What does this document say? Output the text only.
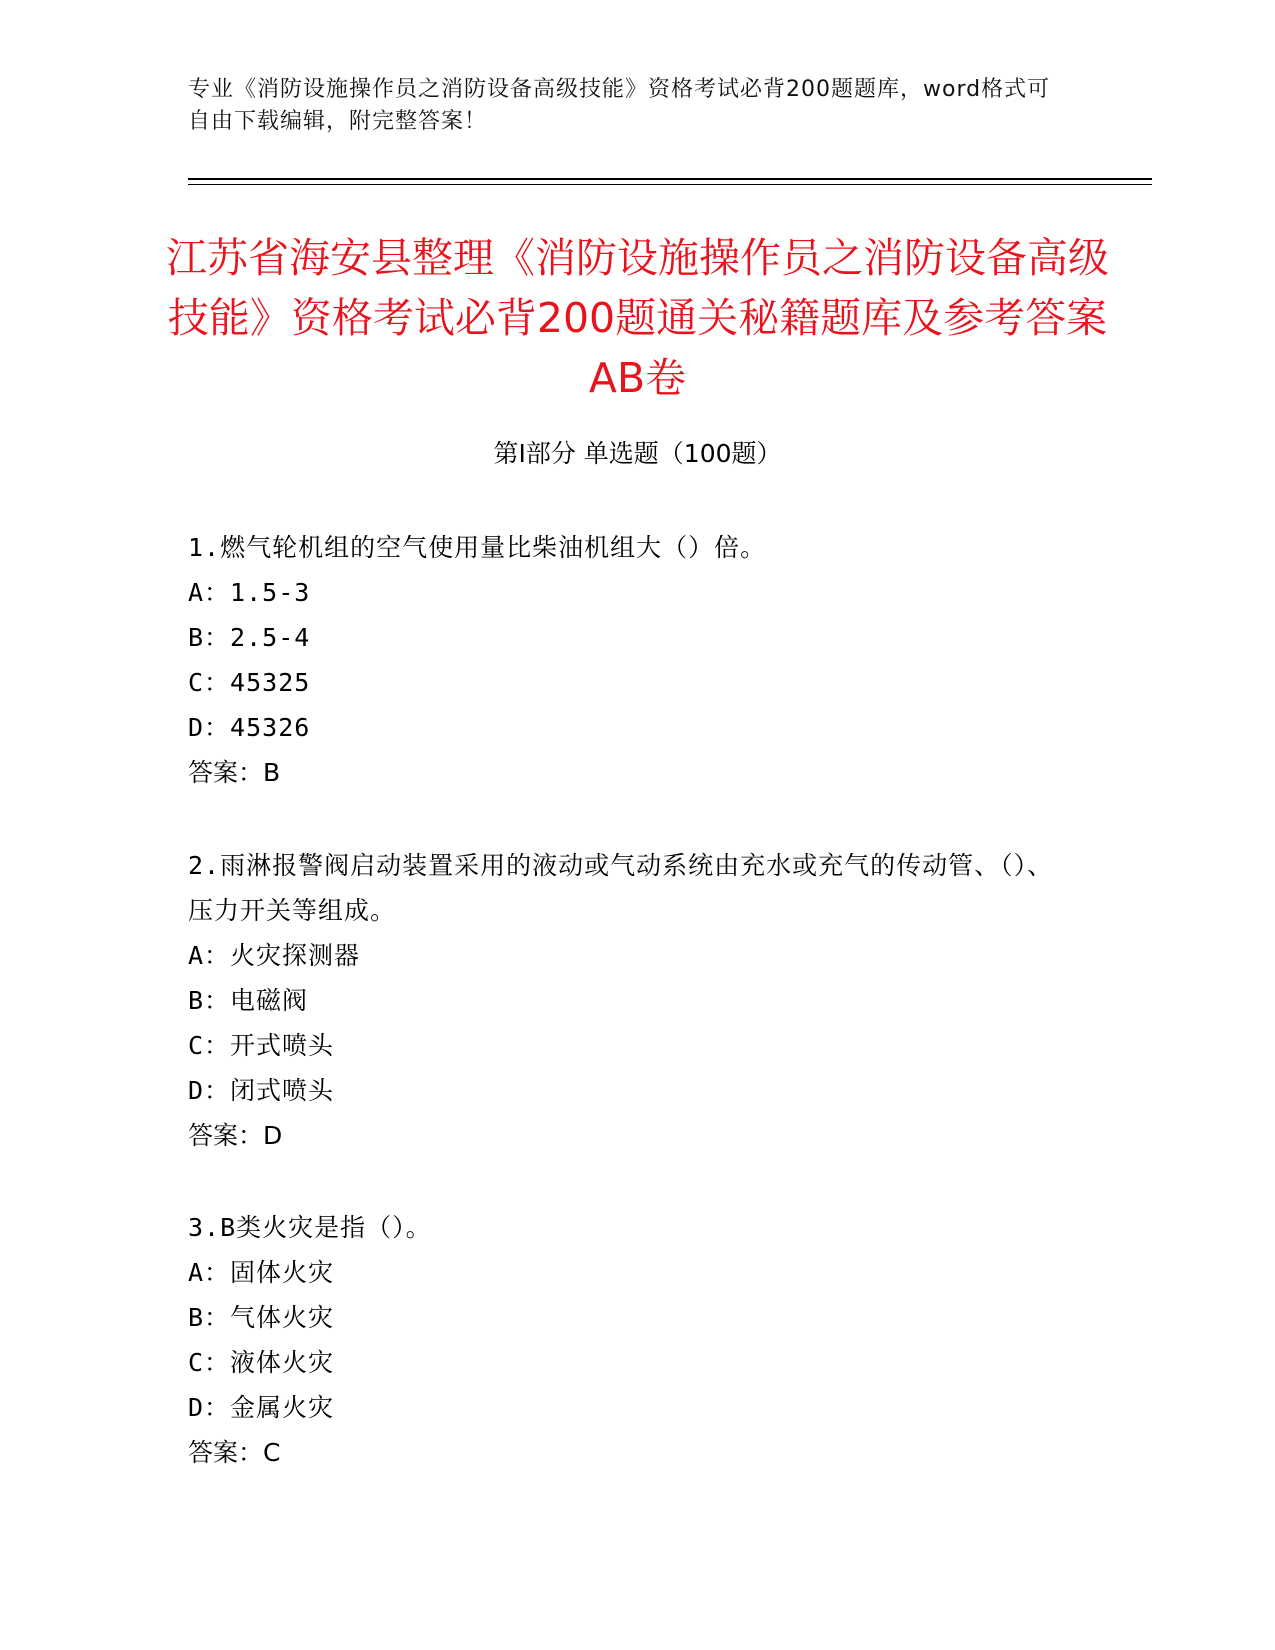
专业《消防设施操作员之消防设备高级技能》资格考试必背200题题库，word格式可自由下载编辑，附完整答案！
江苏省海安县整理《消防设施操作员之消防设备高级技能》资格考试必背200题通关秘籍题库及参考答案AB卷
第Ⅰ部分 单选题（100题）
1.燃气轮机组的空气使用量比柴油机组大（）倍。
A：1.5-3
B：2.5-4
C：45325
D：45326
答案：B
2.雨淋报警阀启动装置采用的液动或气动系统由充水或充气的传动管、（）、压力开关等组成。
A：火灾探测器
B：电磁阀
C：开式喷头
D：闭式喷头
答案：D
3.B类火灾是指（）。
A：固体火灾
B：气体火灾
C：液体火灾
D：金属火灾
答案：C
